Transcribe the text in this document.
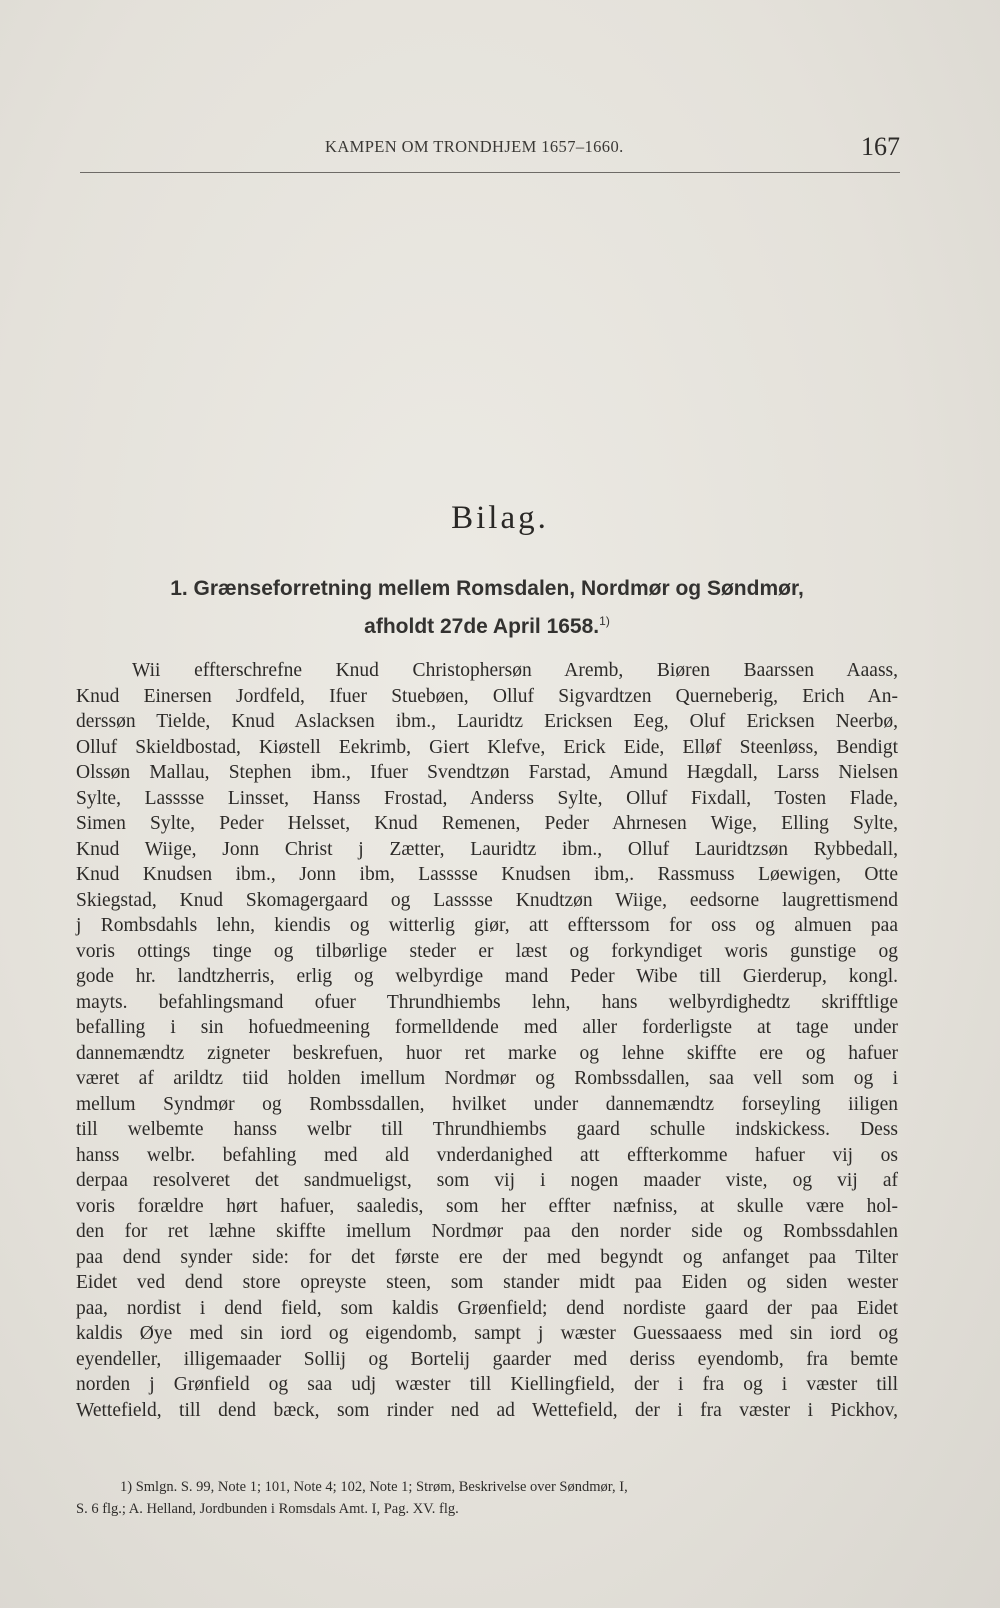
KAMPEN OM TRONDHJEM 1657–1660.	167
Bilag.
1. Grænseforretning mellem Romsdalen, Nordmør og Søndmør,
afholdt 27de April 1658.$^{1)}$
Wii effterschrefne Knud Christophersøn Aremb, Biøren Baarssen Aaass,
Knud Einersen Jordfeld, Ifuer Stuebøen, Olluf Sigvardtzen Querneberig, Erich An-
derssøn Tielde, Knud Aslacksen ibm., Lauridtz Ericksen Eeg, Oluf Ericksen Neerbø,
Olluf Skieldbostad, Kiøstell Eekrimb, Giert Klefve, Erick Eide, Elløf Steenløss, Bendigt
Olssøn Mallau, Stephen ibm., Ifuer Svendtzøn Farstad, Amund Hægdall, Larss Nielsen
Sylte, Lasssse Linsset, Hanss Frostad, Anderss Sylte, Olluf Fixdall, Tosten Flade,
Simen Sylte, Peder Helsset, Knud Remenen, Peder Ahrnesen Wige, Elling Sylte,
Knud Wiige, Jonn Christ j Zætter, Lauridtz ibm., Olluf Lauridtzsøn Rybbedall,
Knud Knudsen ibm., Jonn ibm, Lasssse Knudsen ibm,. Rassmuss Løewigen, Otte
Skiegstad, Knud Skomagergaard og Lasssse Knudtzøn Wiige, eedsorne laugrettismend
j Rombsdahls lehn, kiendis og witterlig giør, att effterssom for oss og almuen paa
voris ottings tinge og tilbørlige steder er læst og forkyndiget woris gunstige og
gode hr. landtzherris, erlig og welbyrdige mand Peder Wibe till Gierderup, kongl.
mayts. befahlingsmand ofuer Thrundhiembs lehn, hans welbyrdighedtz skrifftlige
befalling i sin hofuedmeening formelldende med aller forderligste at tage under
dannemændtz zigneter beskrefuen, huor ret marke og lehne skiffte ere og hafuer
været af arildtz tiid holden imellum Nordmør og Rombssdallen, saa vell som og i
mellum Syndmør og Rombssdallen, hvilket under dannemændtz forseyling iiligen
till welbemte hanss welbr till Thrundhiembs gaard schulle indskickess. Dess
hanss welbr. befahling med ald vnderdanighed att effterkomme hafuer vij os
derpaa resolveret det sandmueligst, som vij i nogen maader viste, og vij af
voris forældre hørt hafuer, saaledis, som her effter næfniss, at skulle være hol-
den for ret læhne skiffte imellum Nordmør paa den norder side og Rombssdahlen
paa dend synder side: for det første ere der med begyndt og anfanget paa Tilter
Eidet ved dend store opreyste steen, som stander midt paa Eiden og siden wester
paa, nordist i dend field, som kaldis Grøenfield; dend nordiste gaard der paa Eidet
kaldis Øye med sin iord og eigendomb, sampt j wæster Guessaaess med sin iord og
eyendeller, illigemaader Sollij og Bortelij gaarder med deriss eyendomb, fra bemte
norden j Grønfield og saa udj wæster till Kiellingfield, der i fra og i væster till
Wettefield, till dend bæck, som rinder ned ad Wettefield, der i fra væster i Pickhov,
1) Smlgn. S. 99, Note 1; 101, Note 4; 102, Note 1; Strøm, Beskrivelse over Søndmør, I,
S. 6 flg.; A. Helland, Jordbunden i Romsdals Amt. I, Pag. XV. flg.
